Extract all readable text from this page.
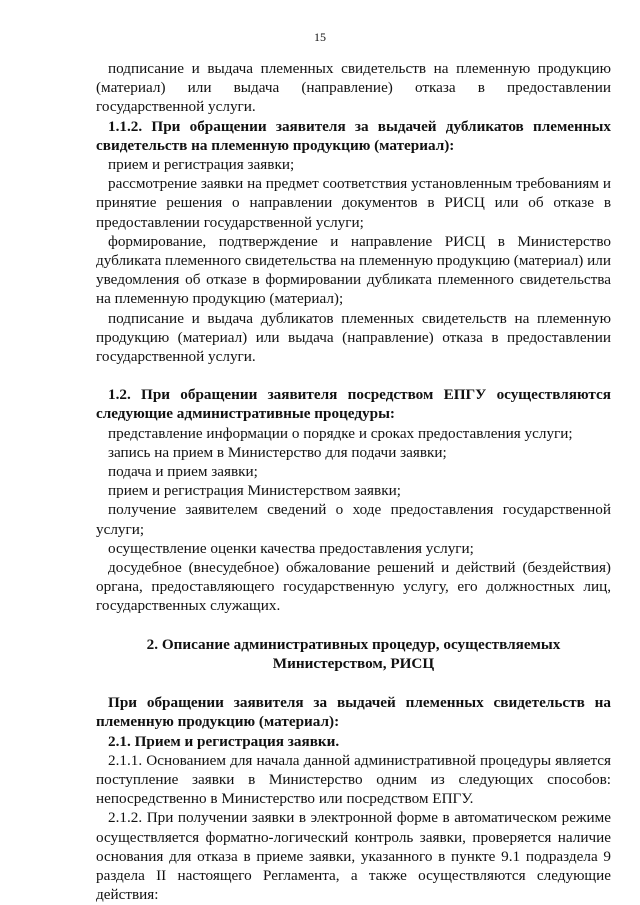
15

подписание и выдача племенных свидетельств на племенную продукцию (материал) или выдача (направление) отказа в предоставлении государственной услуги.

1.1.2. При обращении заявителя за выдачей дубликатов племенных свидетельств на племенную продукцию (материал):

прием и регистрация заявки;

рассмотрение заявки на предмет соответствия установленным требованиям и принятие решения о направлении документов в РИСЦ или об отказе в предоставлении государственной услуги;

формирование, подтверждение и направление РИСЦ в Министерство дубликата племенного свидетельства на племенную продукцию (материал) или уведомления об отказе в формировании дубликата племенного свидетельства на племенную продукцию (материал);

подписание и выдача дубликатов племенных свидетельств на племенную продукцию (материал) или выдача (направление) отказа в предоставлении государственной услуги.

1.2. При обращении заявителя посредством ЕПГУ осуществляются следующие административные процедуры:

представление информации о порядке и сроках предоставления услуги;

запись на прием в Министерство для подачи заявки;

подача и прием заявки;

прием и регистрация Министерством заявки;

получение заявителем сведений о ходе предоставления государственной услуги;

осуществление оценки качества предоставления услуги;

досудебное (внесудебное) обжалование решений и действий (бездействия) органа, предоставляющего государственную услугу, его должностных лиц, государственных служащих.

2. Описание административных процедур, осуществляемых Министерством, РИСЦ

При обращении заявителя за выдачей племенных свидетельств на племенную продукцию (материал):

2.1. Прием и регистрация заявки.

2.1.1. Основанием для начала данной административной процедуры является поступление заявки в Министерство одним из следующих способов: непосредственно в Министерство или посредством ЕПГУ.

2.1.2. При получении заявки в электронной форме в автоматическом режиме осуществляется форматно-логический контроль заявки, проверяется наличие основания для отказа в приеме заявки, указанного в пункте 9.1 подраздела 9 раздела II настоящего Регламента, а также осуществляются следующие действия:
